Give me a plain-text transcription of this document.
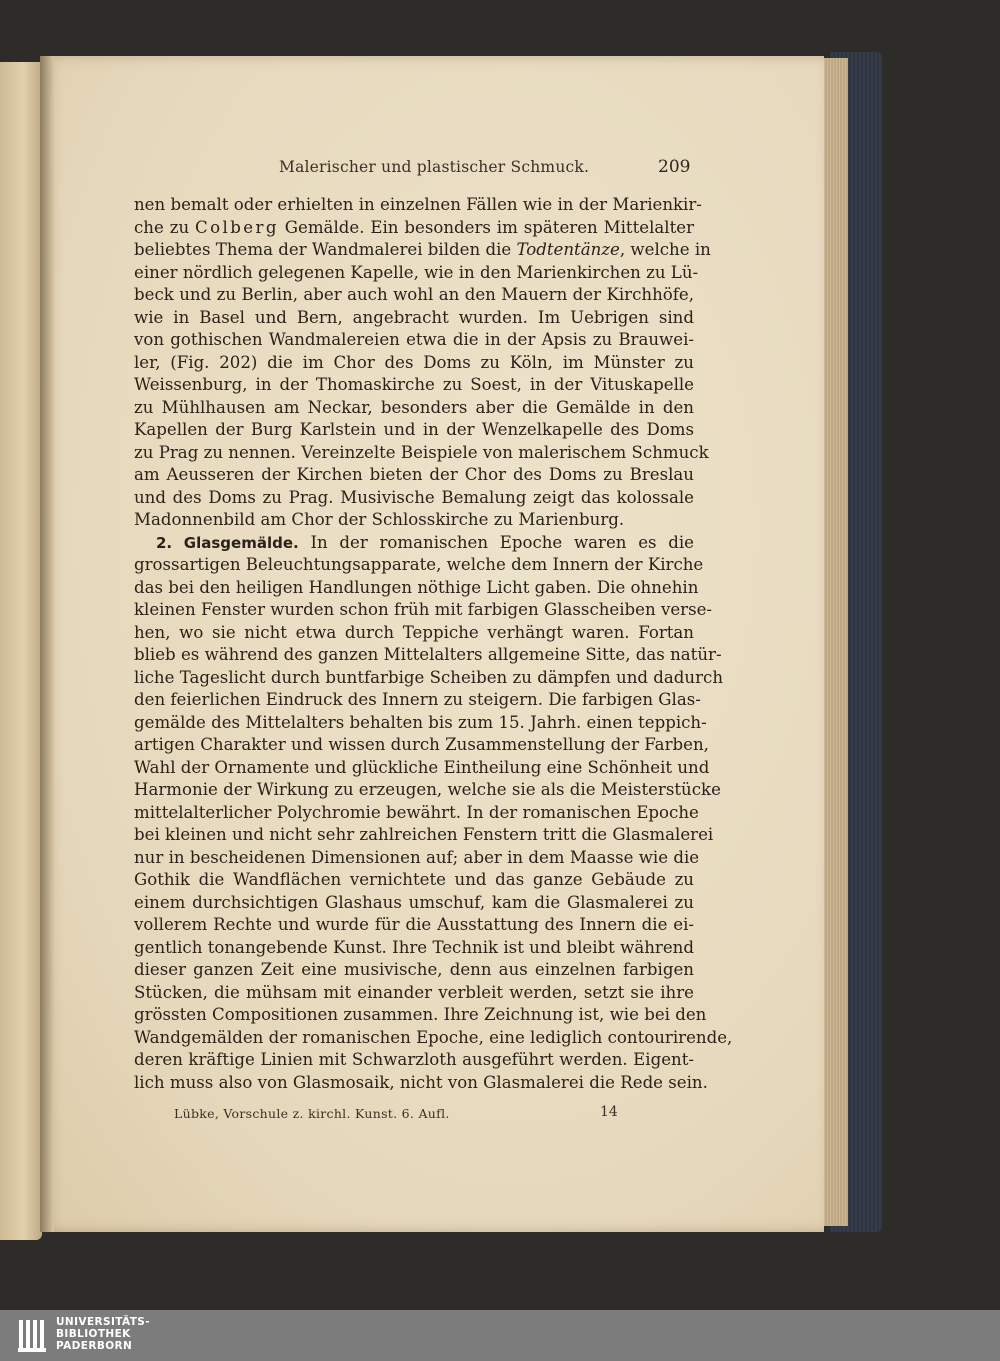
Malerischer und plastischer Schmuck.	209
nen bemalt oder erhielten in einzelnen Fällen wie in der Marienkir-
che zu Colberg Gemälde. Ein besonders im späteren Mittelalter
beliebtes Thema der Wandmalerei bilden die Todtentänze, welche in
einer nördlich gelegenen Kapelle, wie in den Marienkirchen zu Lü-
beck und zu Berlin, aber auch wohl an den Mauern der Kirchhöfe,
wie in Basel und Bern, angebracht wurden. Im Uebrigen sind
von gothischen Wandmalereien etwa die in der Apsis zu Brauwei-
ler, (Fig. 202) die im Chor des Doms zu Köln, im Münster zu
Weissenburg, in der Thomaskirche zu Soest, in der Vituskapelle
zu Mühlhausen am Neckar, besonders aber die Gemälde in den
Kapellen der Burg Karlstein und in der Wenzelkapelle des Doms
zu Prag zu nennen. Vereinzelte Beispiele von malerischem Schmuck
am Aeusseren der Kirchen bieten der Chor des Doms zu Breslau
und des Doms zu Prag. Musivische Bemalung zeigt das kolossale
Madonnenbild am Chor der Schlosskirche zu Marienburg.
2. Glasgemälde. In der romanischen Epoche waren es die
grossartigen Beleuchtungsapparate, welche dem Innern der Kirche
das bei den heiligen Handlungen nöthige Licht gaben. Die ohnehin
kleinen Fenster wurden schon früh mit farbigen Glasscheiben verse-
hen, wo sie nicht etwa durch Teppiche verhängt waren. Fortan
blieb es während des ganzen Mittelalters allgemeine Sitte, das natür-
liche Tageslicht durch buntfarbige Scheiben zu dämpfen und dadurch
den feierlichen Eindruck des Innern zu steigern. Die farbigen Glas-
gemälde des Mittelalters behalten bis zum 15. Jahrh. einen teppich-
artigen Charakter und wissen durch Zusammenstellung der Farben,
Wahl der Ornamente und glückliche Eintheilung eine Schönheit und
Harmonie der Wirkung zu erzeugen, welche sie als die Meisterstücke
mittelalterlicher Polychromie bewährt. In der romanischen Epoche
bei kleinen und nicht sehr zahlreichen Fenstern tritt die Glasmalerei
nur in bescheidenen Dimensionen auf; aber in dem Maasse wie die
Gothik die Wandflächen vernichtete und das ganze Gebäude zu
einem durchsichtigen Glashaus umschuf, kam die Glasmalerei zu
vollerem Rechte und wurde für die Ausstattung des Innern die ei-
gentlich tonangebende Kunst. Ihre Technik ist und bleibt während
dieser ganzen Zeit eine musivische, denn aus einzelnen farbigen
Stücken, die mühsam mit einander verbleit werden, setzt sie ihre
grössten Compositionen zusammen. Ihre Zeichnung ist, wie bei den
Wandgemälden der romanischen Epoche, eine lediglich contourirende,
deren kräftige Linien mit Schwarzloth ausgeführt werden. Eigent-
lich muss also von Glasmosaik, nicht von Glasmalerei die Rede sein.
Lübke, Vorschule z. kirchl. Kunst. 6. Aufl.	14
UNIVERSITÄTS-
BIBLIOTHEK
PADERBORN
